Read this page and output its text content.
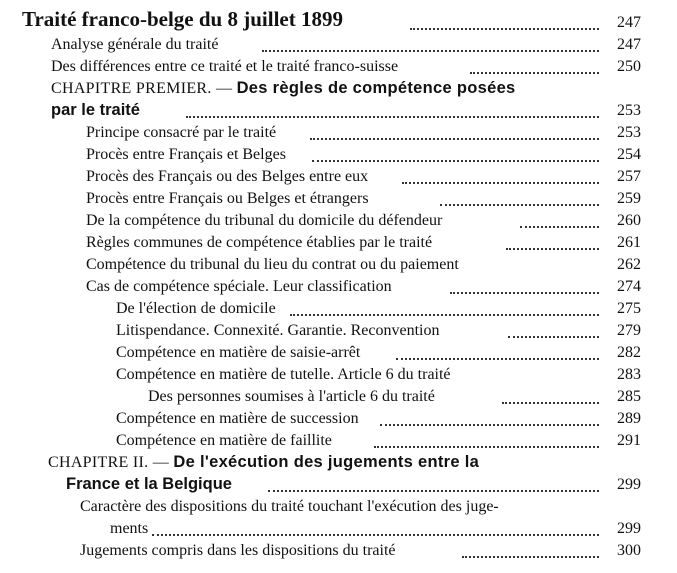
Traité franco-belge du 8 juillet 1899	247
Analyse générale du traité	247
Des différences entre ce traité et le traité franco-suisse	250
CHAPITRE PREMIER. — Des règles de compétence posées
par le traité	253
Principe consacré par le traité	253
Procès entre Français et Belges	254
Procès des Français ou des Belges entre eux	257
Procès entre Français ou Belges et étrangers	259
De la compétence du tribunal du domicile du défendeur	260
Règles communes de compétence établies par le traité	261
Compétence du tribunal du lieu du contrat ou du paiement	262
Cas de compétence spéciale. Leur classification	274
De l'élection de domicile	275
Litispendance. Connexité. Garantie. Reconvention	279
Compétence en matière de saisie-arrêt	282
Compétence en matière de tutelle. Article 6 du traité	283
Des personnes soumises à l'article 6 du traité	285
Compétence en matière de succession	289
Compétence en matière de faillite	291
CHAPITRE II. — De l'exécution des jugements entre la
France et la Belgique	299
Caractère des dispositions du traité touchant l'exécution des juge-
ments	299
Jugements compris dans les dispositions du traité	300
